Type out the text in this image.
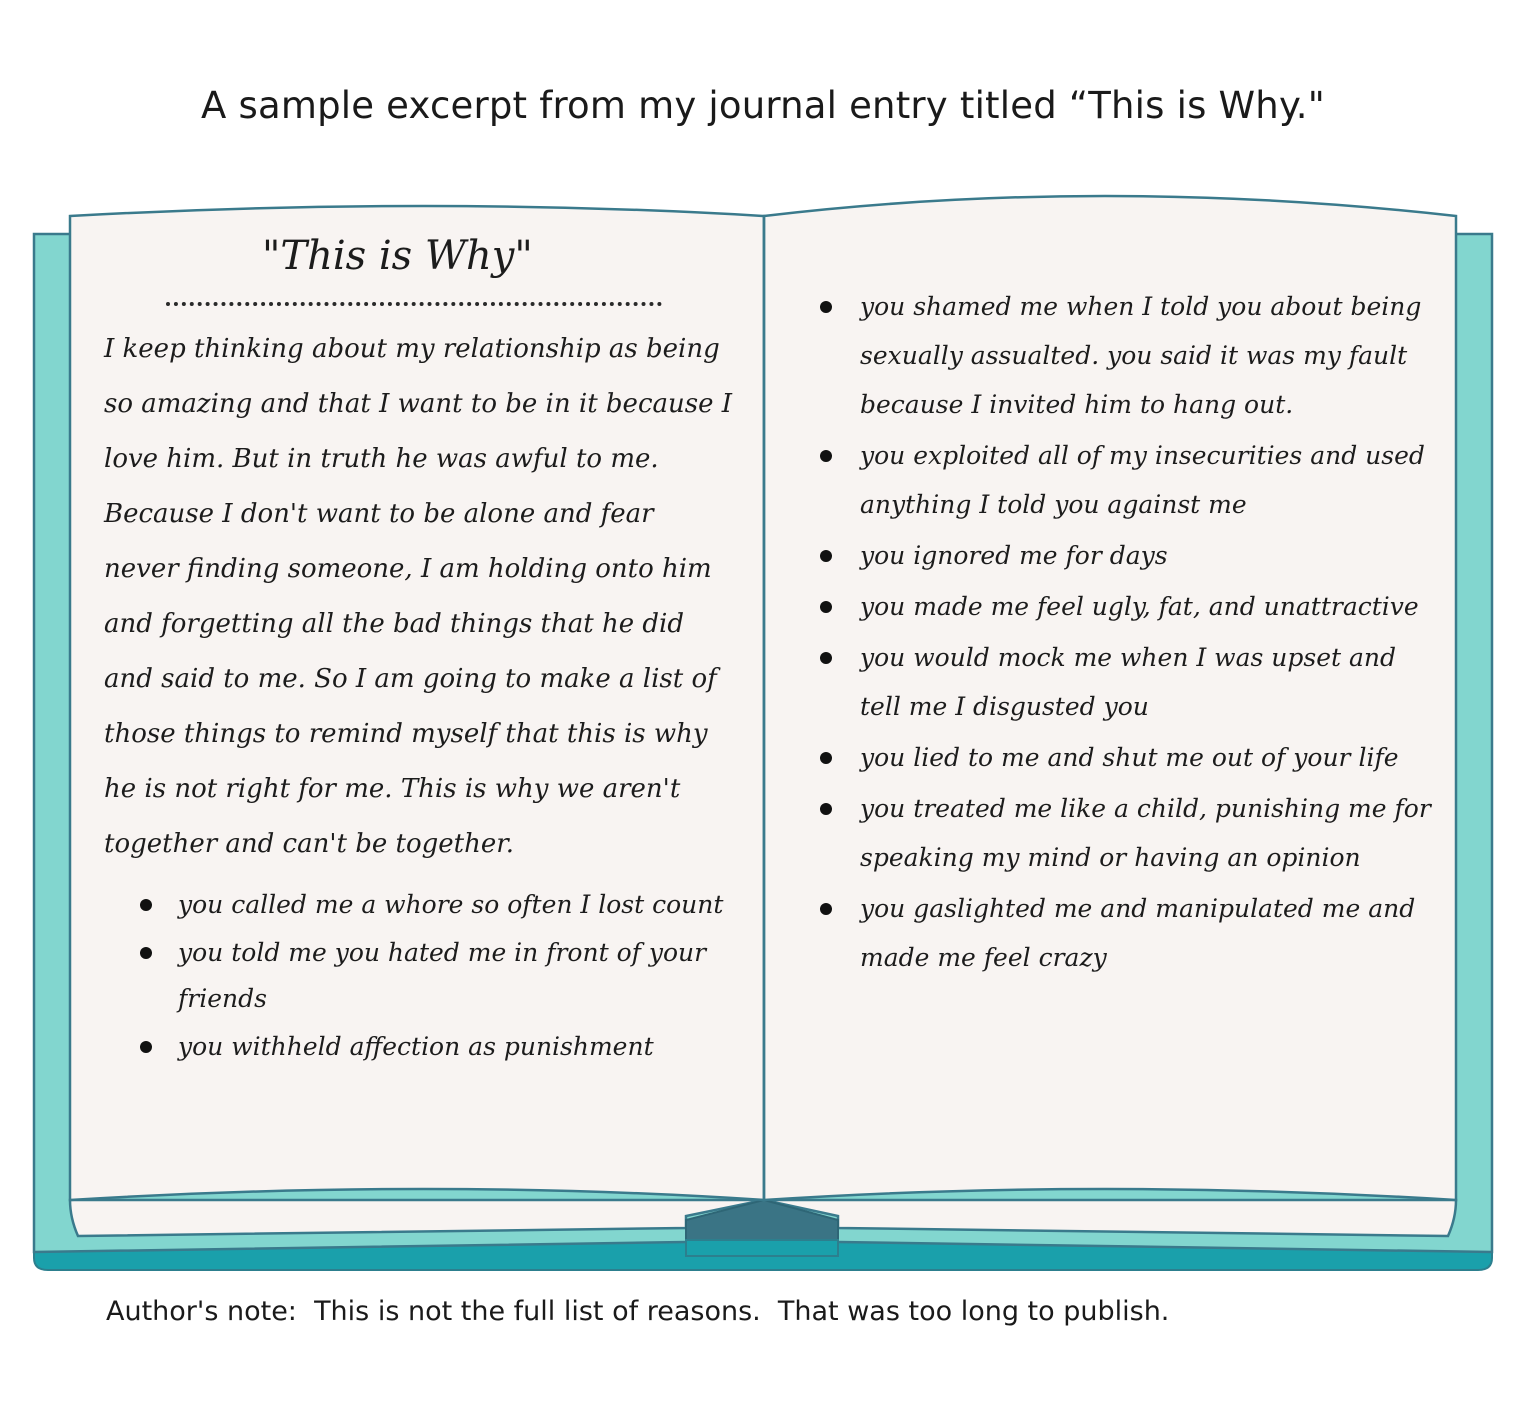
A sample excerpt from my journal entry titled “This is Why."
"This is Why"

I keep thinking about my relationship as being so amazing and that I want to be in it because I love him. But in truth he was awful to me. Because I don't want to be alone and fear never finding someone, I am holding onto him and forgetting all the bad things that he did and said to me. So I am going to make a list of those things to remind myself that this is why he is not right for me. This is why we aren't together and can't be together.

you called me a whore so often I lost count
you told me you hated me in front of your friends
you withheld affection as punishment
you shamed me when I told you about being sexually assualted. you said it was my fault because I invited him to hang out.
you exploited all of my insecurities and used anything I told you against me
you ignored me for days
you made me feel ugly, fat, and unattractive
you would mock me when I was upset and tell me I disgusted you
you lied to me and shut me out of your life
you treated me like a child, punishing me for speaking my mind or having an opinion
you gaslighted me and manipulated me and made me feel crazy

Author's note:  This is not the full list of reasons.  That was too long to publish.
